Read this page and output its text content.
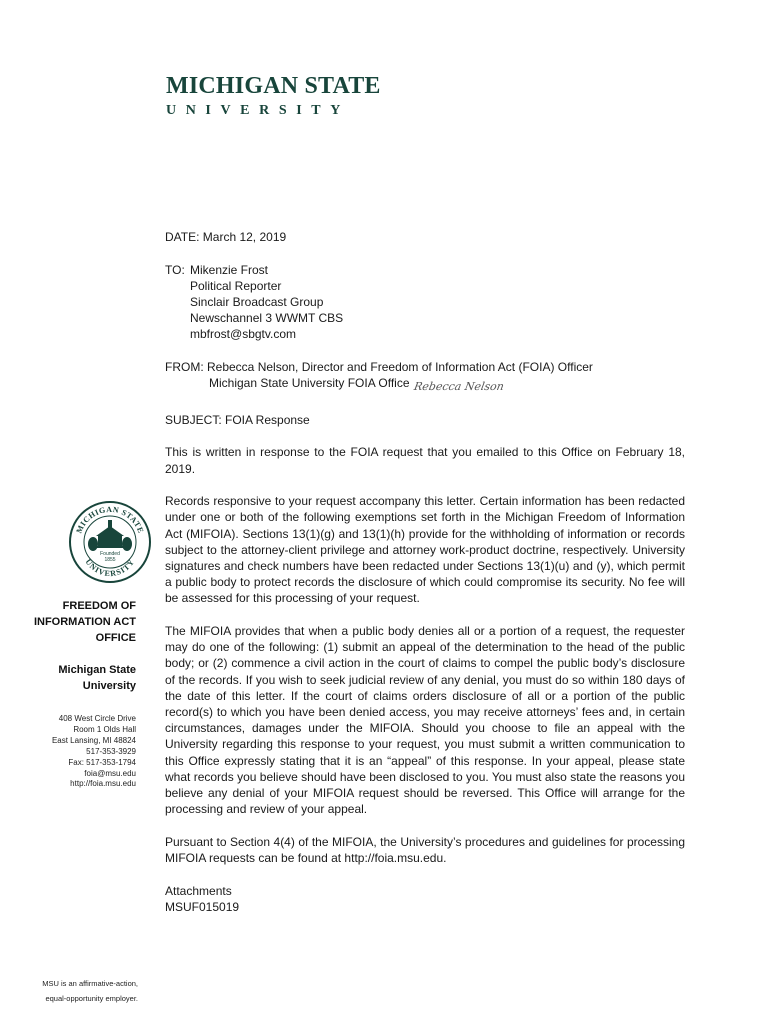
MICHIGAN STATE
UNIVERSITY
MICHIGAN STATE
UNIVERSITY
Founded
1855
FREEDOM OF
INFORMATION ACT
OFFICE
Michigan State
University
408 West Circle Drive
Room 1 Olds Hall
East Lansing, MI 48824
517-353-3929
Fax: 517-353-1794
foia@msu.edu
http://foia.msu.edu
MSU is an affirmative-action,
equal-opportunity employer.
DATE: March 12, 2019
TO: Mikenzie Frost
Political Reporter
Sinclair Broadcast Group
Newschannel 3 WWMT CBS
mbfrost@sbgtv.com
FROM: Rebecca Nelson, Director and Freedom of Information Act (FOIA) Officer
Michigan State University FOIA Office Rebecca Nelson
SUBJECT: FOIA Response
This is written in response to the FOIA request that you emailed to this Office on February 18, 2019.
Records responsive to your request accompany this letter. Certain information has been redacted under one or both of the following exemptions set forth in the Michigan Freedom of Information Act (MIFOIA). Sections 13(1)(g) and 13(1)(h) provide for the withholding of information or records subject to the attorney-client privilege and attorney work-product doctrine, respectively. University signatures and check numbers have been redacted under Sections 13(1)(u) and (y), which permit a public body to protect records the disclosure of which could compromise its security. No fee will be assessed for this processing of your request.
The MIFOIA provides that when a public body denies all or a portion of a request, the requester may do one of the following: (1) submit an appeal of the determination to the head of the public body; or (2) commence a civil action in the court of claims to compel the public body’s disclosure of the records. If you wish to seek judicial review of any denial, you must do so within 180 days of the date of this letter. If the court of claims orders disclosure of all or a portion of the public record(s) to which you have been denied access, you may receive attorneys’ fees and, in certain circumstances, damages under the MIFOIA. Should you choose to file an appeal with the University regarding this response to your request, you must submit a written communication to this Office expressly stating that it is an “appeal” of this response. In your appeal, please state what records you believe should have been disclosed to you. You must also state the reasons you believe any denial of your MIFOIA request should be reversed. This Office will arrange for the processing and review of your appeal.
Pursuant to Section 4(4) of the MIFOIA, the University’s procedures and guidelines for processing MIFOIA requests can be found at http://foia.msu.edu.
Attachments
MSUF015019
